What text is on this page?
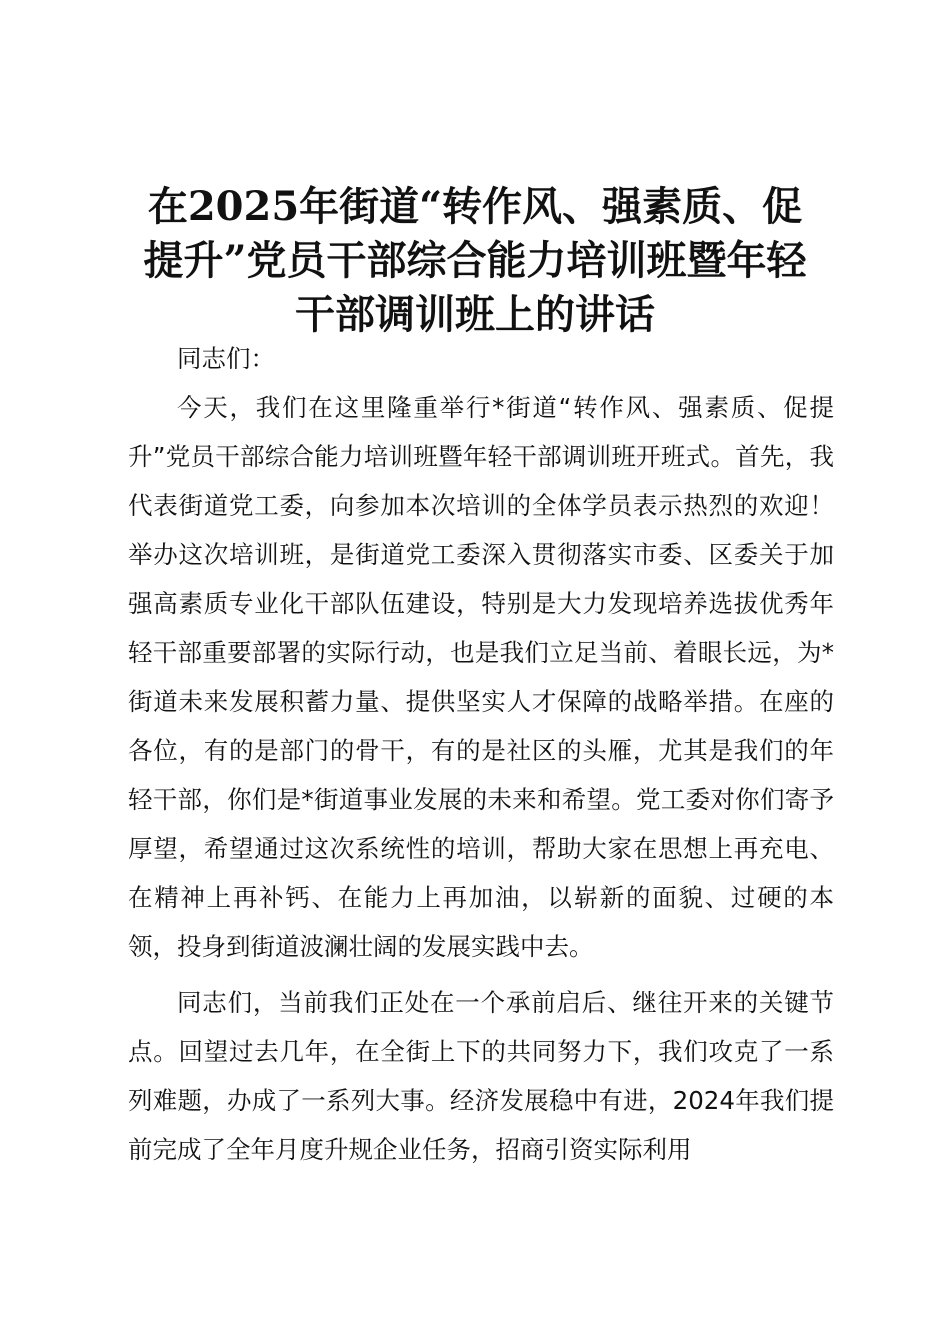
在2025年街道“转作风、强素质、促
提升”党员干部综合能力培训班暨年轻
干部调训班上的讲话

同志们：

今天，我们在这里隆重举行*街道“转作风、强素质、促提升”党员干部综合能力培训班暨年轻干部调训班开班式。首先，我代表街道党工委，向参加本次培训的全体学员表示热烈的欢迎！举办这次培训班，是街道党工委深入贯彻落实市委、区委关于加强高素质专业化干部队伍建设，特别是大力发现培养选拔优秀年轻干部重要部署的实际行动，也是我们立足当前、着眼长远，为*街道未来发展积蓄力量、提供坚实人才保障的战略举措。在座的各位，有的是部门的骨干，有的是社区的头雁，尤其是我们的年轻干部，你们是*街道事业发展的未来和希望。党工委对你们寄予厚望，希望通过这次系统性的培训，帮助大家在思想上再充电、在精神上再补钙、在能力上再加油，以崭新的面貌、过硬的本领，投身到街道波澜壮阔的发展实践中去。

同志们，当前我们正处在一个承前启后、继往开来的关键节点。回望过去几年，在全街上下的共同努力下，我们攻克了一系列难题，办成了一系列大事。经济发展稳中有进，2024年我们提前完成了全年月度升规企业任务，招商引资实际利用
